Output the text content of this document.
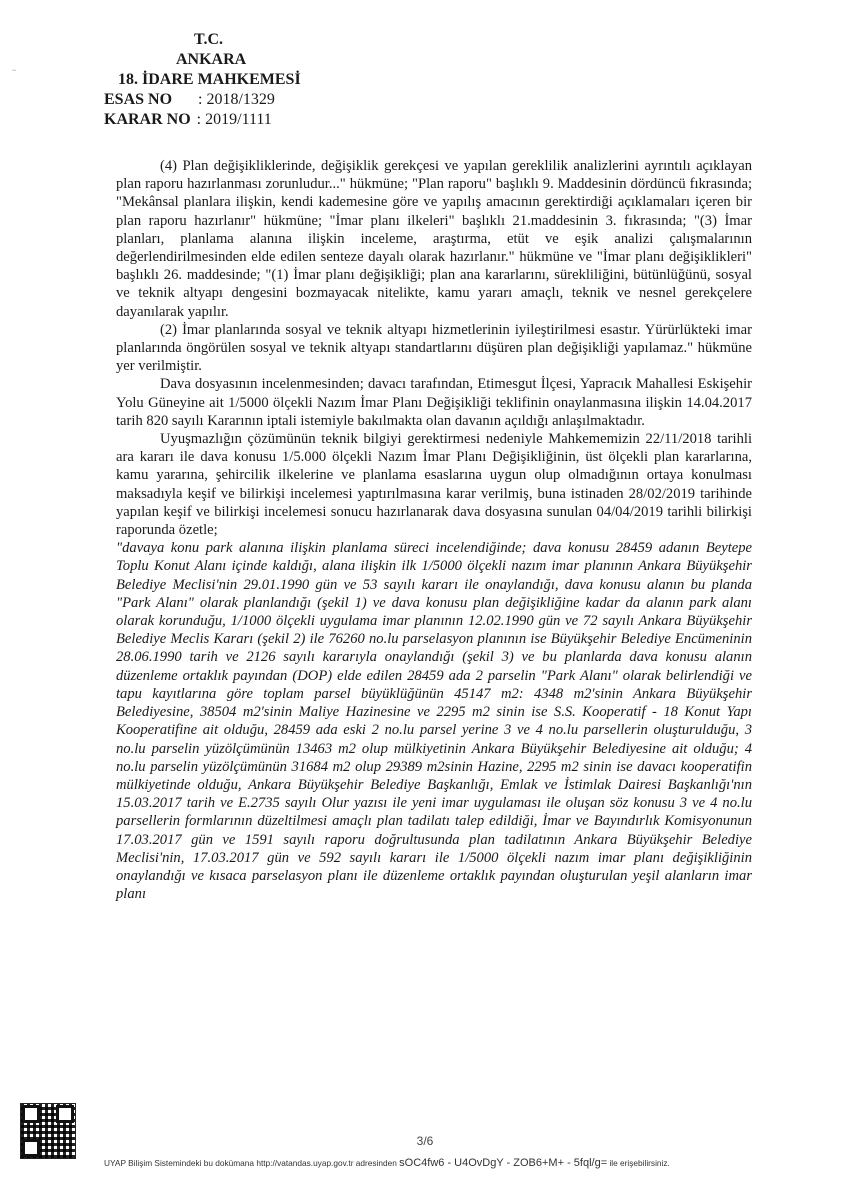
~
T.C.
ANKARA
18. İDARE MAHKEMESİ
ESAS NO : 2018/1329
KARAR NO : 2019/1111

(4) Plan değişikliklerinde, değişiklik gerekçesi ve yapılan gereklilik analizlerini ayrıntılı açıklayan plan raporu hazırlanması zorunludur..." hükmüne; "Plan raporu" başlıklı 9. Maddesinin dördüncü fıkrasında; "Mekânsal planlara ilişkin, kendi kademesine göre ve yapılış amacının gerektirdiği açıklamaları içeren bir plan raporu hazırlanır" hükmüne; "İmar planı ilkeleri" başlıklı 21.maddesinin 3. fıkrasında; "(3) İmar planları, planlama alanına ilişkin inceleme, araştırma, etüt ve eşik analizi çalışmalarının değerlendirilmesinden elde edilen senteze dayalı olarak hazırlanır." hükmüne ve "İmar planı değişiklikleri" başlıklı 26. maddesinde; "(1) İmar planı değişikliği; plan ana kararlarını, sürekliliğini, bütünlüğünü, sosyal ve teknik altyapı dengesini bozmayacak nitelikte, kamu yararı amaçlı, teknik ve nesnel gerekçelere dayanılarak yapılır.

(2) İmar planlarında sosyal ve teknik altyapı hizmetlerinin iyileştirilmesi esastır. Yürürlükteki imar planlarında öngörülen sosyal ve teknik altyapı standartlarını düşüren plan değişikliği yapılamaz." hükmüne yer verilmiştir.

Dava dosyasının incelenmesinden; davacı tarafından, Etimesgut İlçesi, Yapracık Mahallesi Eskişehir Yolu Güneyine ait 1/5000 ölçekli Nazım İmar Planı Değişikliği teklifinin onaylanmasına ilişkin 14.04.2017 tarih 820 sayılı Kararının iptali istemiyle bakılmakta olan davanın açıldığı anlaşılmaktadır.

Uyuşmazlığın çözümünün teknik bilgiyi gerektirmesi nedeniyle Mahkememizin 22/11/2018 tarihli ara kararı ile dava konusu 1/5.000 ölçekli Nazım İmar Planı Değişikliğinin, üst ölçekli plan kararlarına, kamu yararına, şehircilik ilkelerine ve planlama esaslarına uygun olup olmadığının ortaya konulması maksadıyla keşif ve bilirkişi incelemesi yaptırılmasına karar verilmiş, buna istinaden 28/02/2019 tarihinde yapılan keşif ve bilirkişi incelemesi sonucu hazırlanarak dava dosyasına sunulan 04/04/2019 tarihli bilirkişi raporunda özetle;

"davaya konu park alanına ilişkin planlama süreci incelendiğinde; dava konusu 28459 adanın Beytepe Toplu Konut Alanı içinde kaldığı, alana ilişkin ilk 1/5000 ölçekli nazım imar planının Ankara Büyükşehir Belediye Meclisi'nin 29.01.1990 gün ve 53 sayılı kararı ile onaylandığı, dava konusu alanın bu planda "Park Alanı" olarak planlandığı (şekil 1) ve dava konusu plan değişikliğine kadar da alanın park alanı olarak korunduğu, 1/1000 ölçekli uygulama imar planının 12.02.1990 gün ve 72 sayılı Ankara Büyükşehir Belediye Meclis Kararı (şekil 2) ile 76260 no.lu parselasyon planının ise Büyükşehir Belediye Encümeninin 28.06.1990 tarih ve 2126 sayılı kararıyla onaylandığı (şekil 3) ve bu planlarda dava konusu alanın düzenleme ortaklık payından (DOP) elde edilen 28459 ada 2 parselin "Park Alanı" olarak belirlendiği ve tapu kayıtlarına göre toplam parsel büyüklüğünün 45147 m2: 4348 m2'sinin Ankara Büyükşehir Belediyesine, 38504 m2'sinin Maliye Hazinesine ve 2295 m2 sinin ise S.S. Kooperatif - 18 Konut Yapı Kooperatifine ait olduğu, 28459 ada eski 2 no.lu parsel yerine 3 ve 4 no.lu parsellerin oluşturulduğu, 3 no.lu parselin yüzölçümünün 13463 m2 olup mülkiyetinin Ankara Büyükşehir Belediyesine ait olduğu; 4 no.lu parselin yüzölçümünün 31684 m2 olup 29389 m2sinin Hazine, 2295 m2 sinin ise davacı kooperatifin mülkiyetinde olduğu, Ankara Büyükşehir Belediye Başkanlığı, Emlak ve İstimlak Dairesi Başkanlığı'nın 15.03.2017 tarih ve E.2735 sayılı Olur yazısı ile yeni imar uygulaması ile oluşan söz konusu 3 ve 4 no.lu parsellerin formlarının düzeltilmesi amaçlı plan tadilatı talep edildiği, İmar ve Bayındırlık Komisyonunun 17.03.2017 gün ve 1591 sayılı raporu doğrultusunda plan tadilatının Ankara Büyükşehir Belediye Meclisi'nin, 17.03.2017 gün ve 592 sayılı kararı ile 1/5000 ölçekli nazım imar planı değişikliğinin onaylandığı ve kısaca parselasyon planı ile düzenleme ortaklık payından oluşturulan yeşil alanların imar planı

3/6
UYAP Bilişim Sistemindeki bu dokümana http://vatandas.uyap.gov.tr adresinden sOC4fw6 - U4OvDgY - ZOB6+M+ - 5fql/g= ile erişebilirsiniz.
